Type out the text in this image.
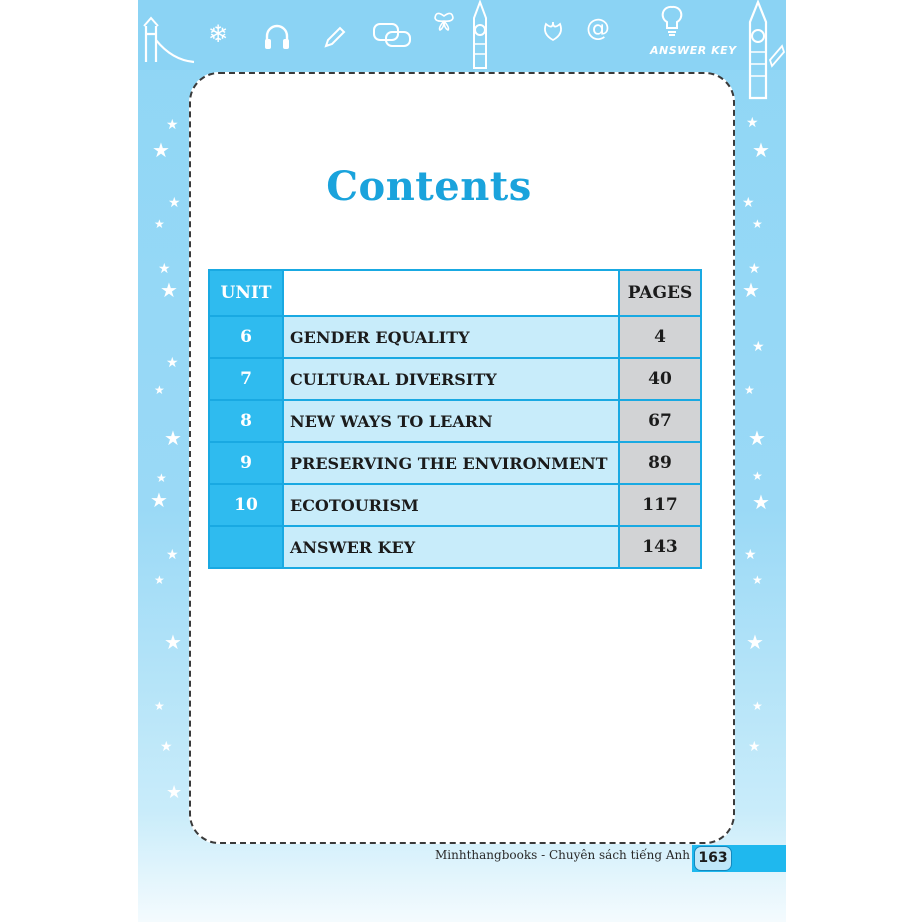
❄	@
ANSWER KEY
★
★
★
★
★
★
★
★
★
★
★
★
★
★
★
★
★
★
★
★
★
★
★
★
★
★
★
★
★
★
★
★
★
Contents
UNIT		PAGES
6	GENDER EQUALITY	4
7	CULTURAL DIVERSITY	40
8	NEW WAYS TO LEARN	67
9	PRESERVING THE ENVIRONMENT	89
10	ECOTOURISM	117
	ANSWER KEY	143
Minhthangbooks - Chuyên sách tiếng Anh 163
